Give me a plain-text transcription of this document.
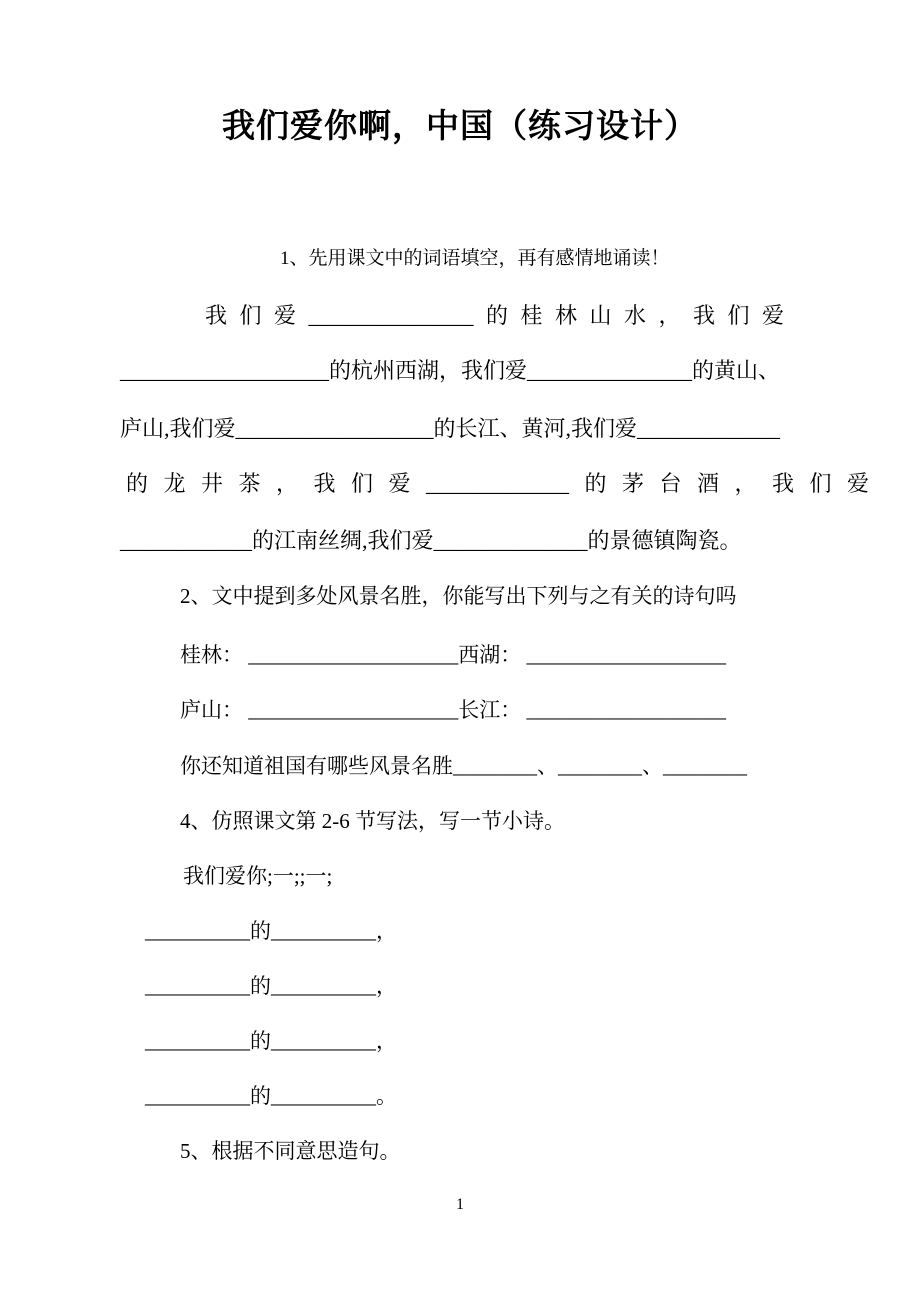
我们爱你啊，中国（练习设计）
1、先用课文中的词语填空，再有感情地诵读！
我 们 爱 _______________ 的 桂 林 山 水 ， 我 们 爱
___________________的杭州西湖，我们爱_______________的黄山、
庐山,我们爱__________________的长江、黄河,我们爱_____________
的 龙 井 茶 ， 我 们 爱 _____________ 的 茅 台 酒 ， 我 们 爱
____________的江南丝绸,我们爱______________的景德镇陶瓷。
2、文中提到多处风景名胜，你能写出下列与之有关的诗句吗
桂林： ____________________西湖： ___________________
庐山： ____________________长江： ___________________
你还知道祖国有哪些风景名胜________、________、________
4、仿照课文第 2-6 节写法，写一节小诗。
我们爱你;一;;一;
__________的__________，
__________的__________，
__________的__________，
__________的__________。
5、根据不同意思造句。
1
